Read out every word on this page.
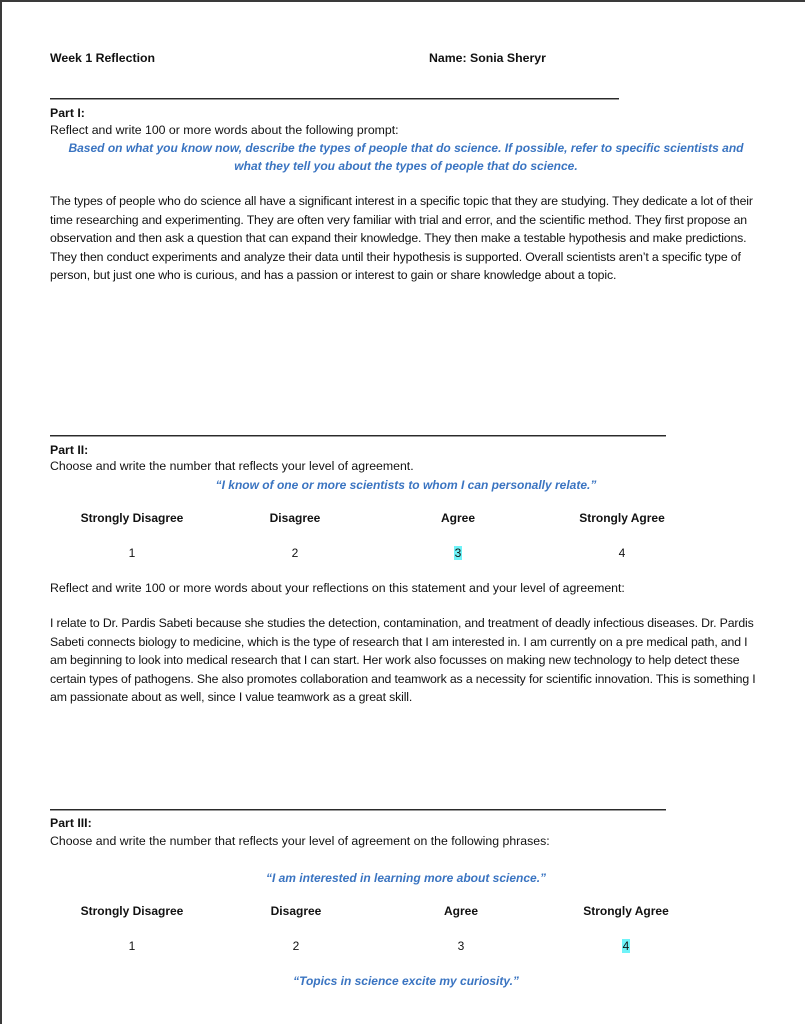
Week 1 Reflection	Name: Sonia Sheryr
Part I:
Reflect and write 100 or more words about the following prompt:
Based on what you know now, describe the types of people that do science. If possible, refer to specific scientists and
what they tell you about the types of people that do science.
The types of people who do science all have a significant interest in a specific topic that they are studying. They dedicate a lot of their time researching and experimenting. They are often very familiar with trial and error, and the scientific method. They first propose an observation and then ask a question that can expand their knowledge. They then make a testable hypothesis and make predictions. They then conduct experiments and analyze their data until their hypothesis is supported. Overall scientists aren’t a specific type of person, but just one who is curious, and has a passion or interest to gain or share knowledge about a topic.
Part II:
Choose and write the number that reflects your level of agreement.
“I know of one or more scientists to whom I can personally relate.”
Strongly Disagree	Disagree	Agree	Strongly Agree
1	2	3	4
Reflect and write 100 or more words about your reflections on this statement and your level of agreement:
I relate to Dr. Pardis Sabeti because she studies the detection, contamination, and treatment of deadly infectious diseases. Dr. Pardis Sabeti connects biology to medicine, which is the type of research that I am interested in. I am currently on a pre medical path, and I am beginning to look into medical research that I can start. Her work also focusses on making new technology to help detect these certain types of pathogens. She also promotes collaboration and teamwork as a necessity for scientific innovation. This is something I am passionate about as well, since I value teamwork as a great skill.
Part III:
Choose and write the number that reflects your level of agreement on the following phrases:
“I am interested in learning more about science.”
Strongly Disagree	Disagree	Agree	Strongly Agree
1	2	3	4
“Topics in science excite my curiosity.”
